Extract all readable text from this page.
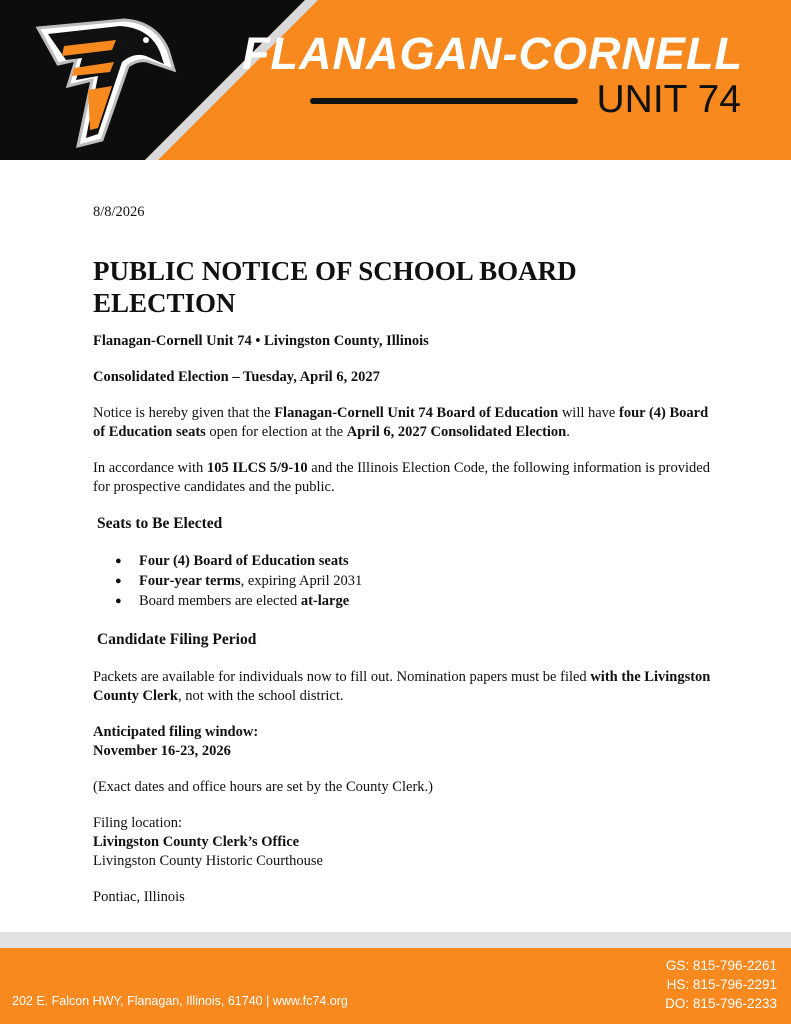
FLANAGAN-CORNELL
UNIT 74

8/8/2026

PUBLIC NOTICE OF SCHOOL BOARD ELECTION

Flanagan‑Cornell Unit 74 • Livingston County, Illinois

Consolidated Election – Tuesday, April 6, 2027

Notice is hereby given that the Flanagan‑Cornell Unit 74 Board of Education will have four (4) Board of Education seats open for election at the April 6, 2027 Consolidated Election.

In accordance with 105 ILCS 5/9‑10 and the Illinois Election Code, the following information is provided for prospective candidates and the public.

Seats to Be Elected
● Four (4) Board of Education seats
● Four‑year terms, expiring April 2031
● Board members are elected at‑large
Candidate Filing Period

Packets are available for individuals now to fill out. Nomination papers must be filed with the Livingston County Clerk, not with the school district.

Anticipated filing window:
November 16-23, 2026

(Exact dates and office hours are set by the County Clerk.)

Filing location:
Livingston County Clerk’s Office
Livingston County Historic Courthouse

Pontiac, Illinois

202 E. Falcon HWY, Flanagan, Illinois, 61740 | www.fc74.org
GS: 815-796-2261
HS: 815-796-2291
DO: 815-796-2233
